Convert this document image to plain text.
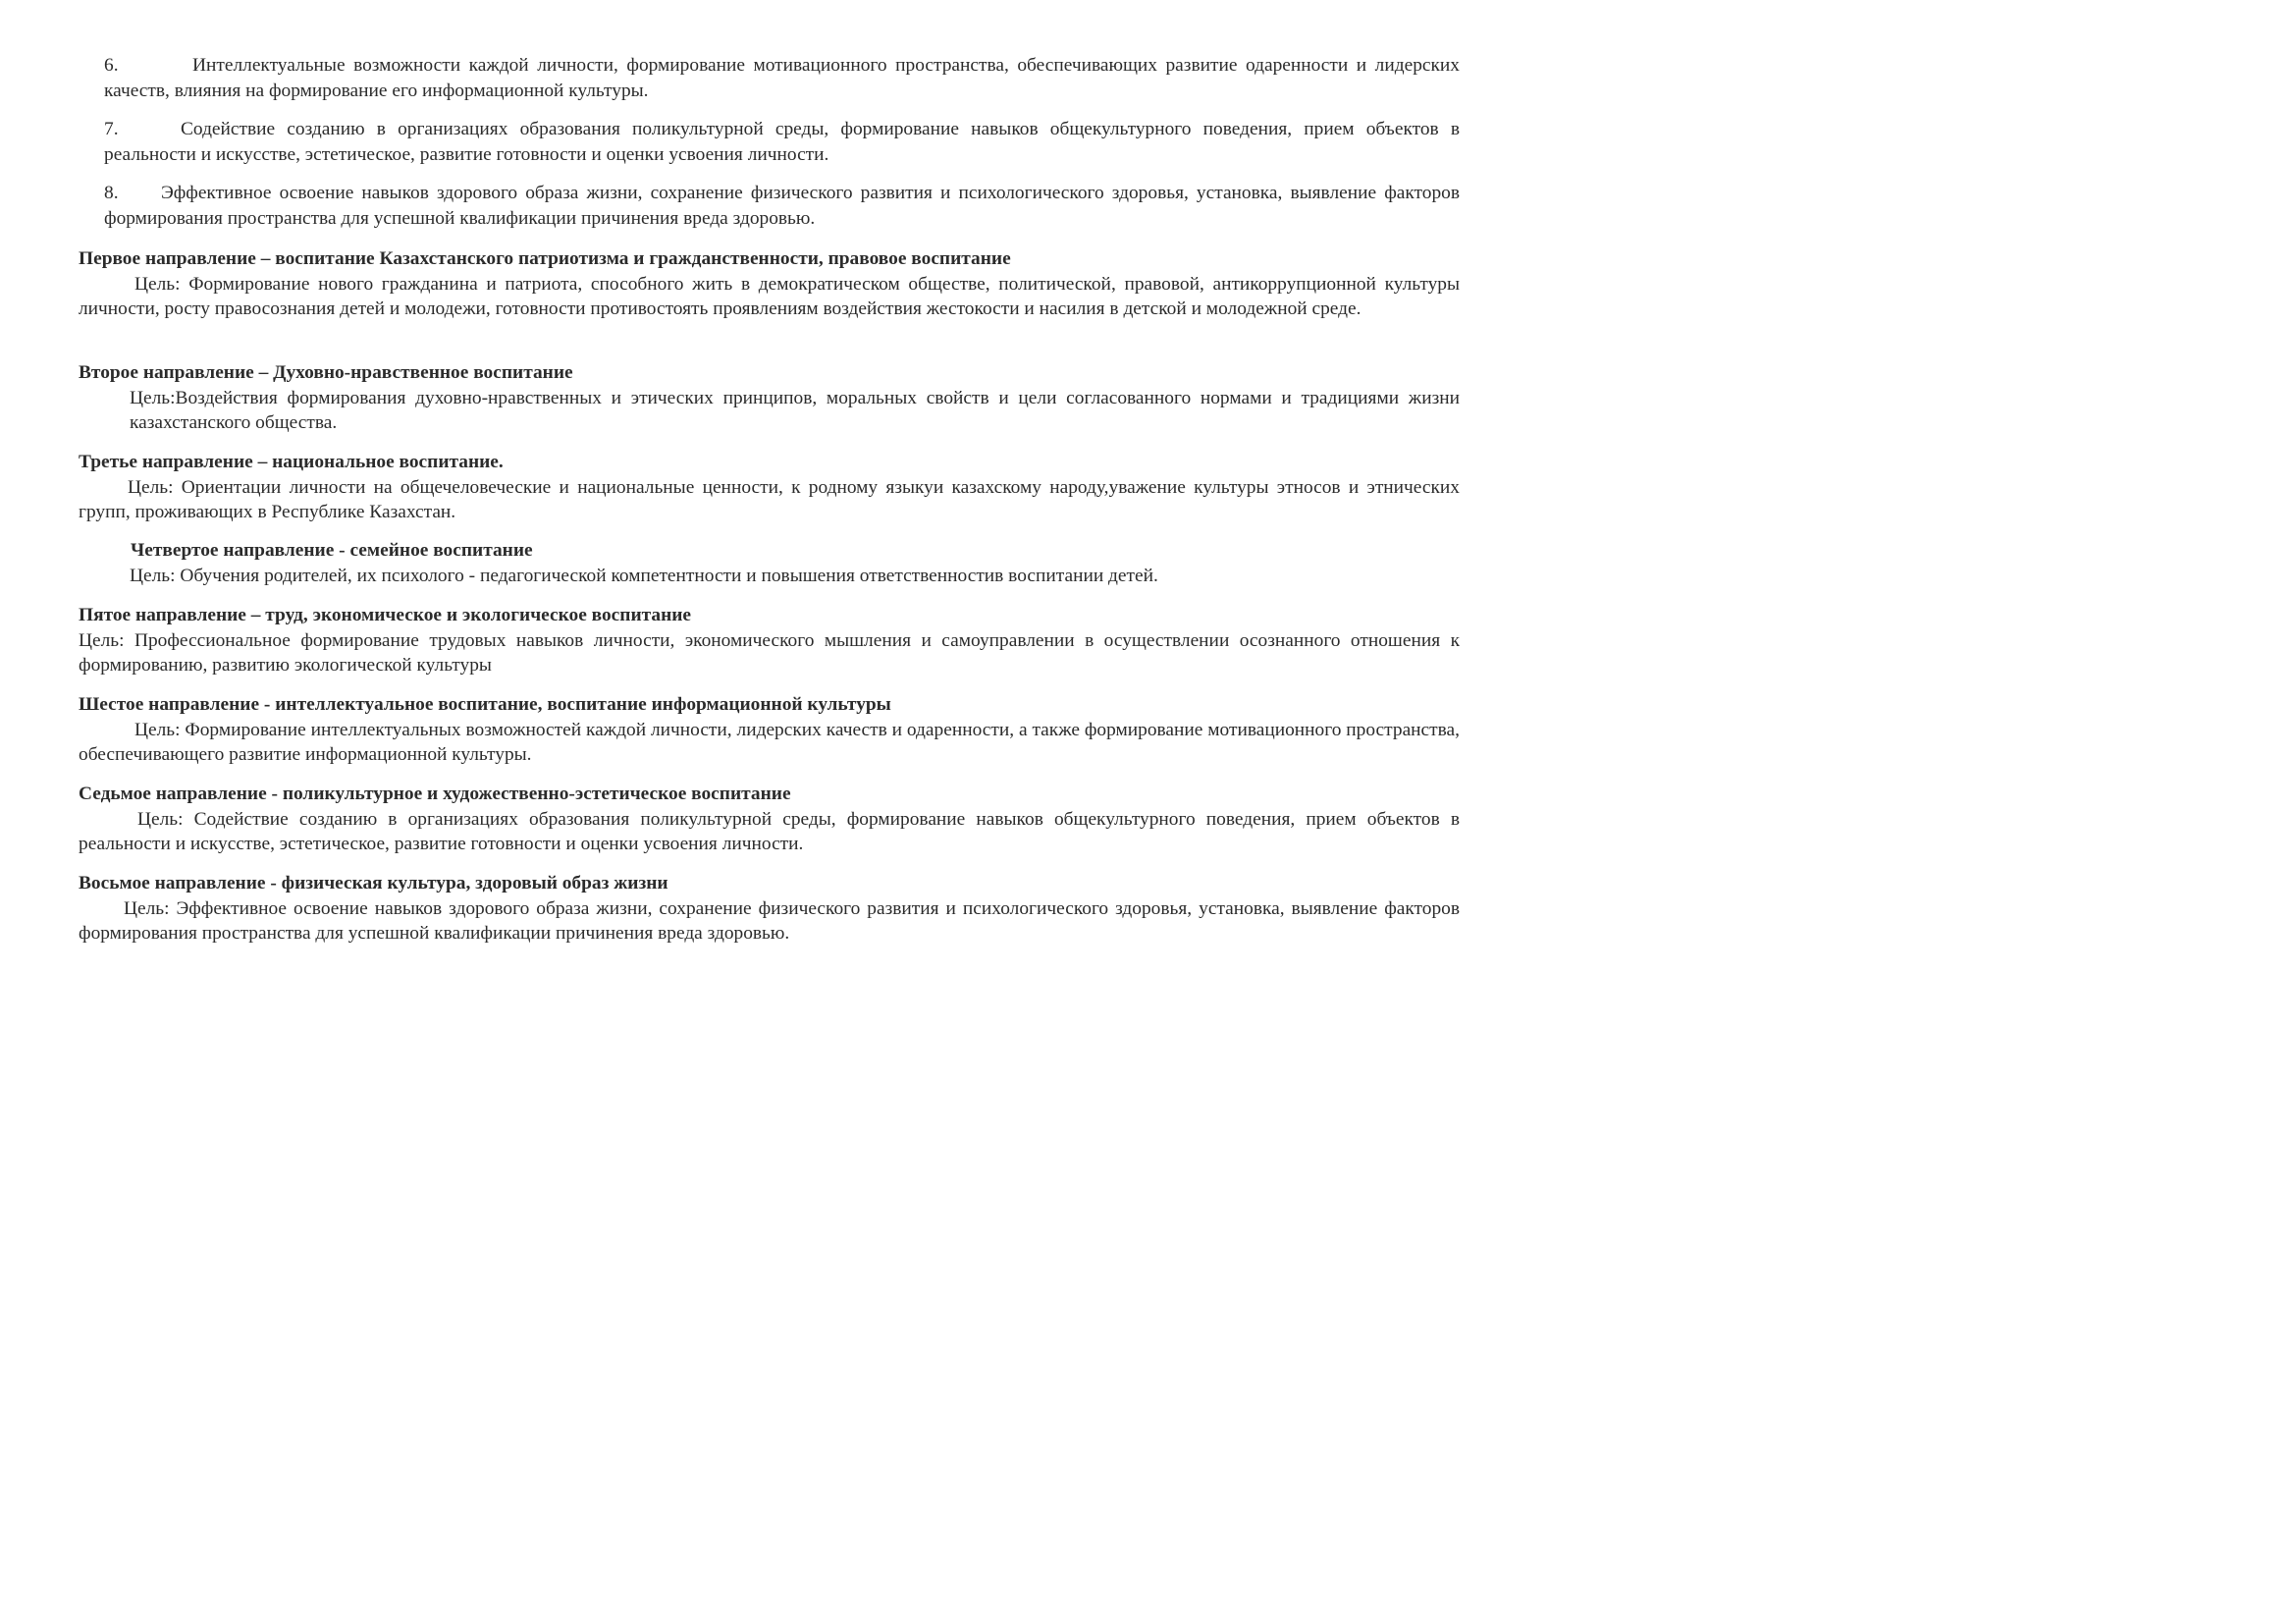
6.	Интеллектуальные возможности каждой личности, формирование мотивационного пространства, обеспечивающих развитие одаренности и лидерских качеств, влияния на формирование его информационной культуры.

7.	Содействие созданию в организациях образования поликультурной среды, формирование навыков общекультурного поведения, прием объектов в реальности и искусстве, эстетическое, развитие готовности и оценки усвоения личности.

8. Эффективное освоение навыков здорового образа жизни, сохранение физического развития и психологического здоровья, установка, выявление факторов формирования пространства для успешной квалификации причинения вреда здоровью.

Первое направление – воспитание Казахстанского патриотизма и гражданственности, правовое воспитание

Цель: Формирование нового гражданина и патриота, способного жить в демократическом обществе, политической, правовой, антикоррупционной культуры личности, росту правосознания детей и молодежи, готовности противостоять проявлениям воздействия жестокости и насилия в детской и молодежной среде.

Второе направление – Духовно-нравственное воспитание

Цель:Воздействия формирования духовно-нравственных и этических принципов, моральных свойств и цели согласованного нормами и традициями жизни казахстанского общества.

Третье направление – национальное воспитание.

Цель: Ориентации личности на общечеловеческие и национальные ценности, к родному языкуи казахскому народу,уважение культуры этносов и этнических групп, проживающих в Республике Казахстан.

Четвертое направление - семейное воспитание

Цель: Обучения родителей, их психолого - педагогической компетентности и повышения ответственностив воспитании детей.

Пятое направление – труд, экономическое и экологическое воспитание

Цель: Профессиональное формирование трудовых навыков личности, экономического мышления и самоуправлении в осуществлении осознанного отношения к формированию, развитию экологической культуры

Шестое направление - интеллектуальное воспитание, воспитание информационной культуры

Цель: Формирование интеллектуальных возможностей каждой личности, лидерских качеств и одаренности, а также формирование мотивационного пространства, обеспечивающего развитие информационной культуры.

Седьмое направление - поликультурное и художественно-эстетическое воспитание

Цель: Содействие созданию в организациях образования поликультурной среды, формирование навыков общекультурного поведения, прием объектов в реальности и искусстве, эстетическое, развитие готовности и оценки усвоения личности.

Восьмое направление - физическая культура, здоровый образ жизни

Цель: Эффективное освоение навыков здорового образа жизни, сохранение физического развития и психологического здоровья, установка, выявление факторов формирования пространства для успешной квалификации причинения вреда здоровью.
